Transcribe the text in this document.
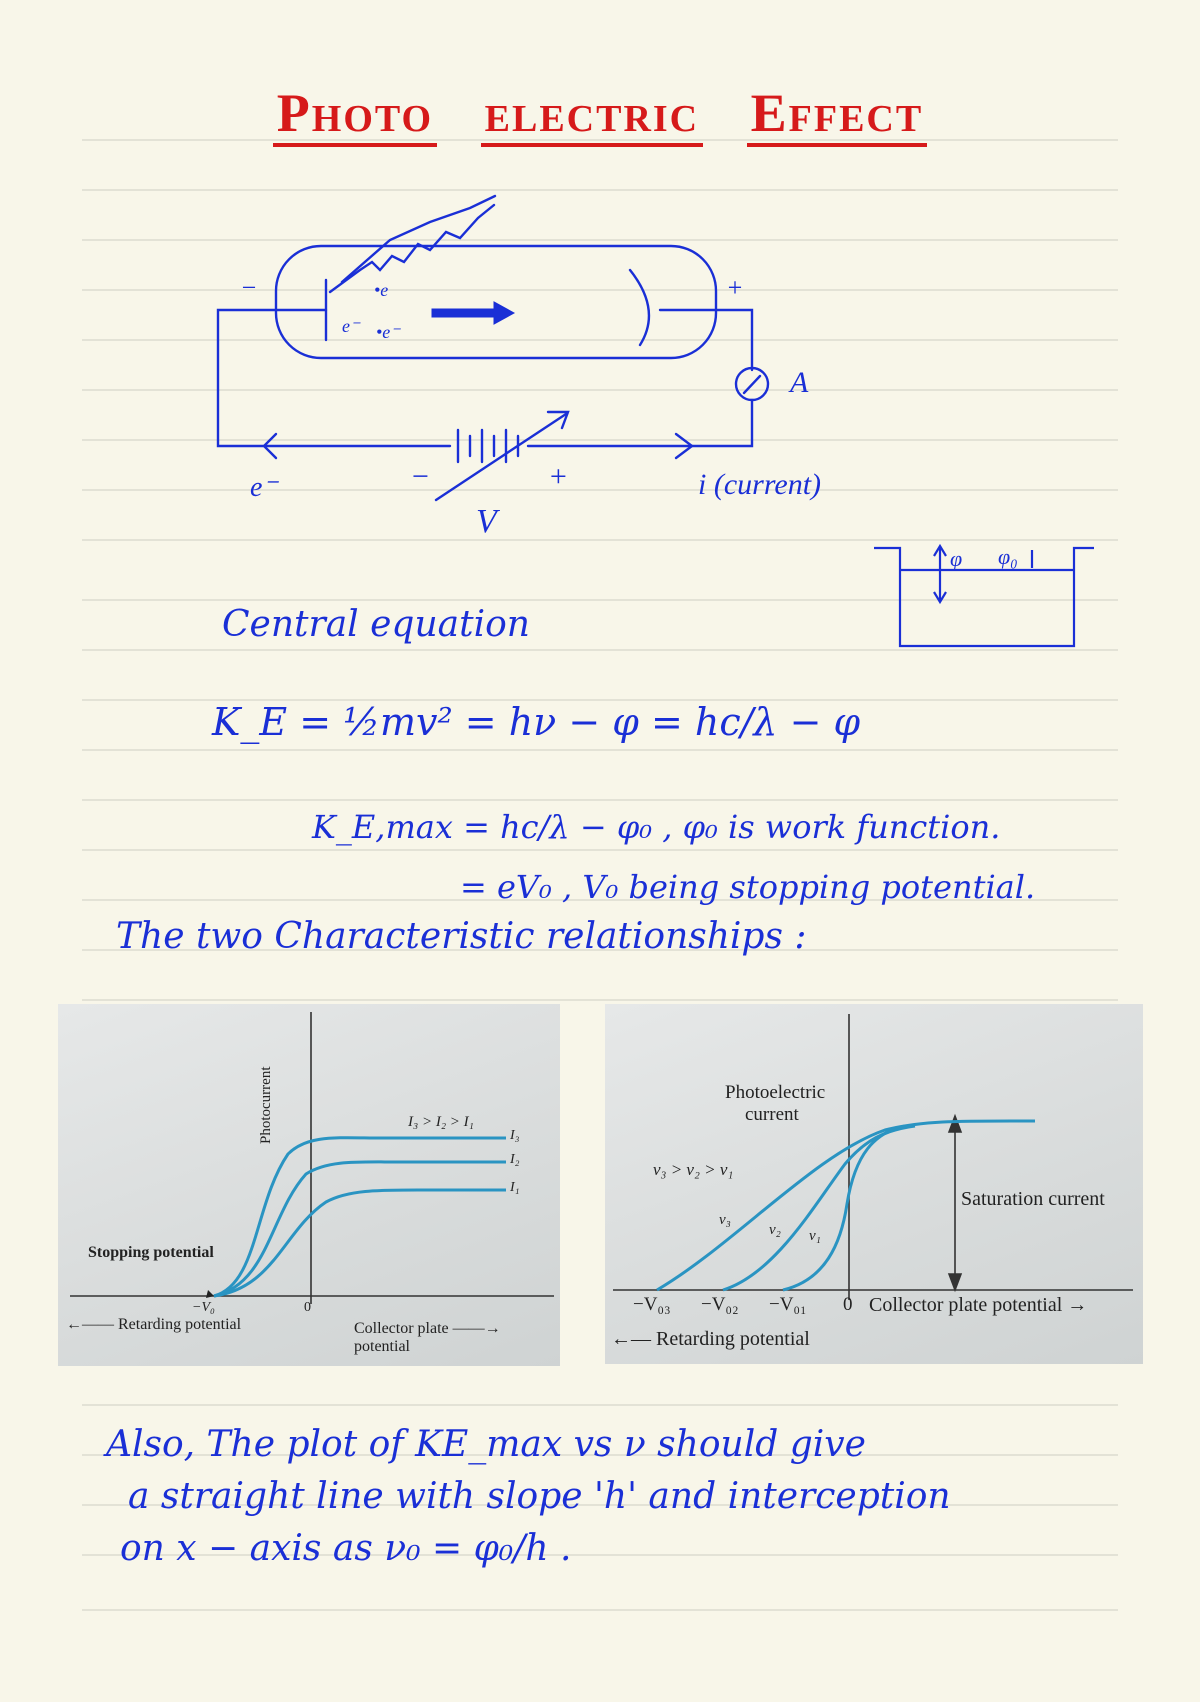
Photo electric Effect
−	+
•e
e⁻ •e⁻
A
e⁻	−	+
V
i (current)
φ φ₀
Central equation
K_E = ½mv² = hν − φ = hc/λ − φ
K_E,max = hc/λ − φ₀ , φ₀ is work function.
= eV₀ , V₀ being stopping potential.
The two Characteristic relationships :
Photocurrent	I₃ > I₂ > I₁
I₃
I₂
I₁
Stopping potential
−V₀	0
←—— Retarding potential	Collector plate ——→
potential
Photoelectric
current
ν₃ > ν₂ > ν₁
ν₃
ν₂ ν₁
Saturation current
−V₀₃ −V₀₂ −V₀₁ 0 Collector plate potential →
←— Retarding potential
Also, The plot of KE_max vs ν should give
a straight line with slope 'h' and interception
on x − axis as ν₀ = φ₀/h .
